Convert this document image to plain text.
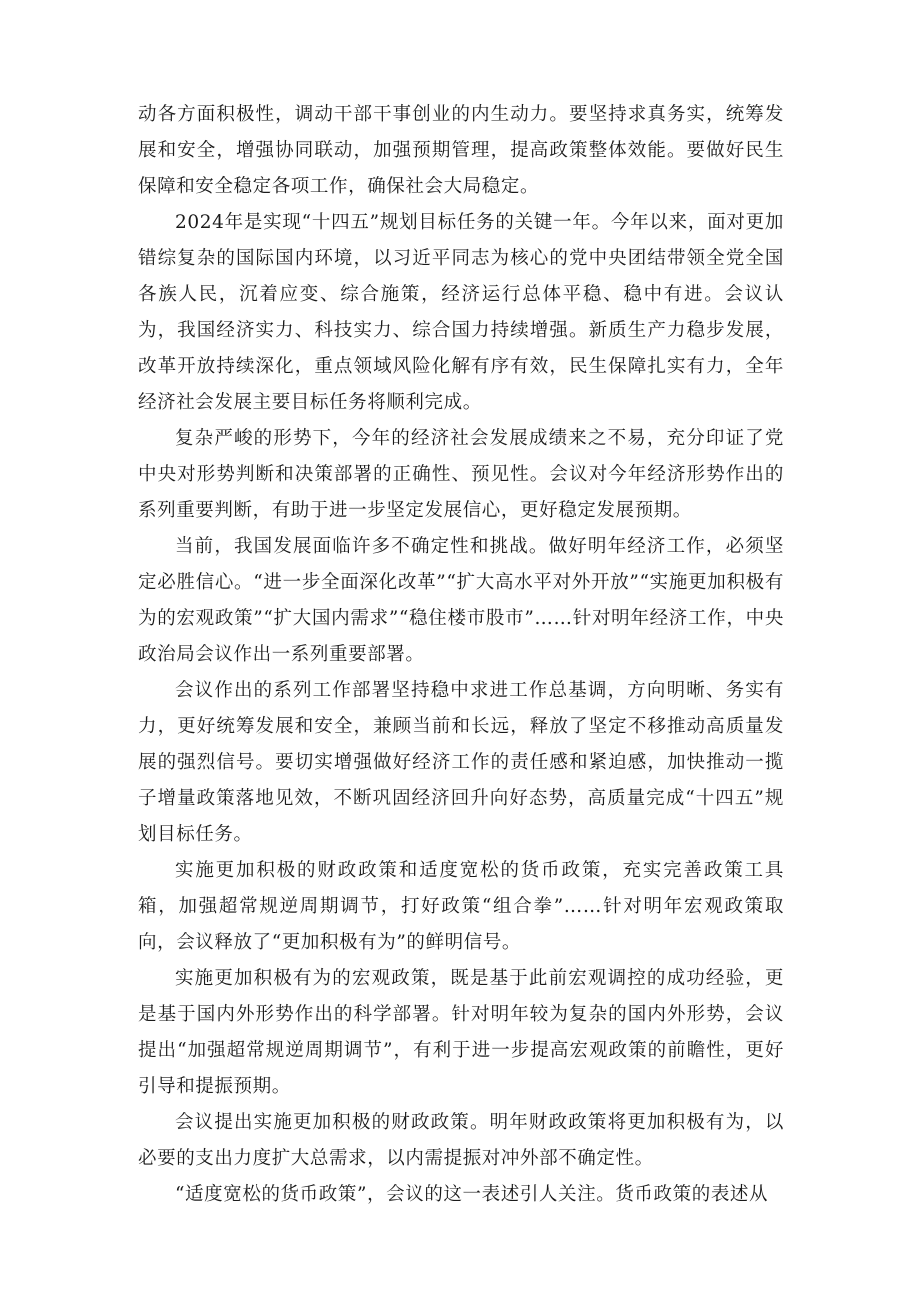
动各方面积极性，调动干部干事创业的内生动力。要坚持求真务实，统筹发展和安全，增强协同联动，加强预期管理，提高政策整体效能。要做好民生保障和安全稳定各项工作，确保社会大局稳定。

2024年是实现“十四五”规划目标任务的关键一年。今年以来，面对更加错综复杂的国际国内环境，以习近平同志为核心的党中央团结带领全党全国各族人民，沉着应变、综合施策，经济运行总体平稳、稳中有进。会议认为，我国经济实力、科技实力、综合国力持续增强。新质生产力稳步发展，改革开放持续深化，重点领域风险化解有序有效，民生保障扎实有力，全年经济社会发展主要目标任务将顺利完成。

复杂严峻的形势下，今年的经济社会发展成绩来之不易，充分印证了党中央对形势判断和决策部署的正确性、预见性。会议对今年经济形势作出的系列重要判断，有助于进一步坚定发展信心，更好稳定发展预期。

当前，我国发展面临许多不确定性和挑战。做好明年经济工作，必须坚定必胜信心。“进一步全面深化改革”“扩大高水平对外开放”“实施更加积极有为的宏观政策”“扩大国内需求”“稳住楼市股市”……针对明年经济工作，中央政治局会议作出一系列重要部署。

会议作出的系列工作部署坚持稳中求进工作总基调，方向明晰、务实有力，更好统筹发展和安全，兼顾当前和长远，释放了坚定不移推动高质量发展的强烈信号。要切实增强做好经济工作的责任感和紧迫感，加快推动一揽子增量政策落地见效，不断巩固经济回升向好态势，高质量完成“十四五”规划目标任务。

实施更加积极的财政政策和适度宽松的货币政策，充实完善政策工具箱，加强超常规逆周期调节，打好政策“组合拳”……针对明年宏观政策取向，会议释放了“更加积极有为”的鲜明信号。

实施更加积极有为的宏观政策，既是基于此前宏观调控的成功经验，更是基于国内外形势作出的科学部署。针对明年较为复杂的国内外形势，会议提出“加强超常规逆周期调节”，有利于进一步提高宏观政策的前瞻性，更好引导和提振预期。

会议提出实施更加积极的财政政策。明年财政政策将更加积极有为，以必要的支出力度扩大总需求，以内需提振对冲外部不确定性。

“适度宽松的货币政策”，会议的这一表述引人关注。货币政策的表述从
